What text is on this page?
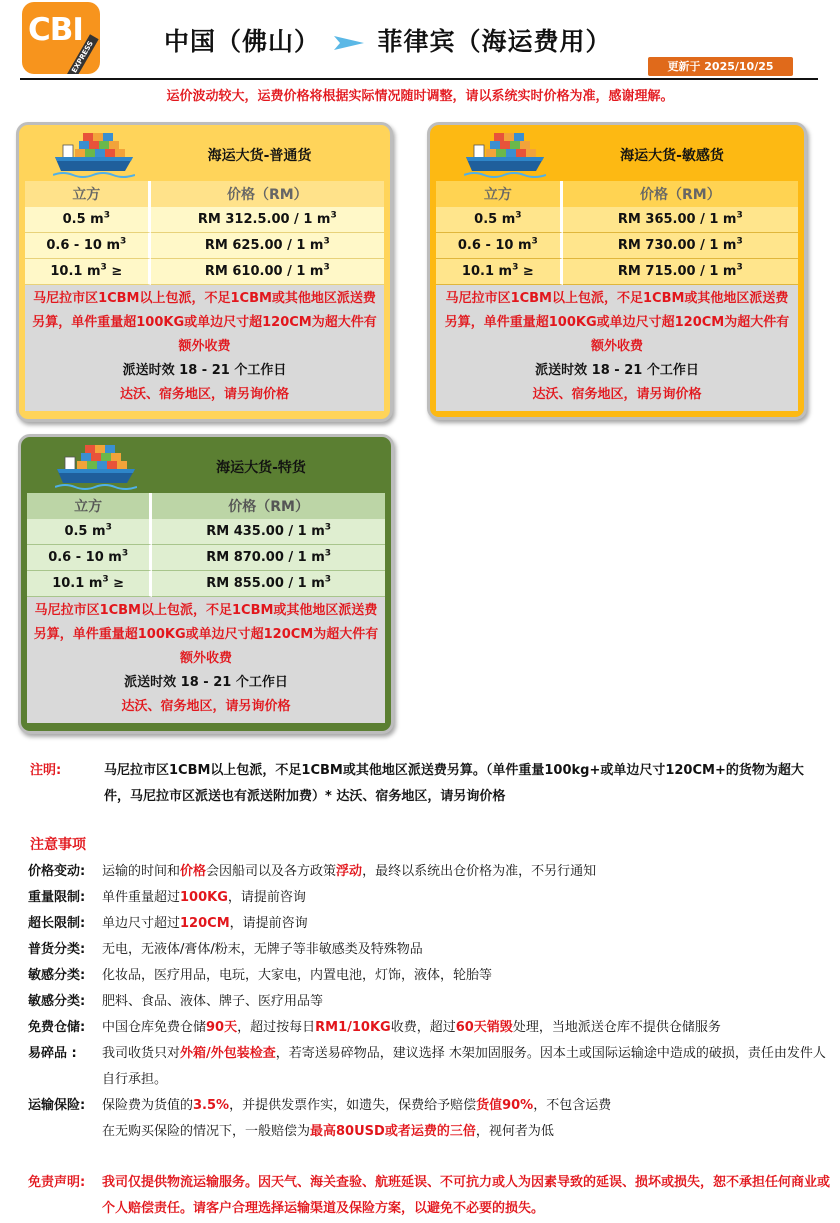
CBI
EXPRESS	中国（佛山） 菲律宾（海运费用）
更新于 2025/10/25
运价波动较大，运费价格将根据实际情况随时调整，请以系统实时价格为准，感谢理解。
海运大货-普通货
立方	价格（RM）
0.5 $m^3$	RM 312.5.00 / 1 $m^3$
0.6 - 10 $m^3$	RM 625.00 / 1 $m^3$
10.1 $m^3$ ≥	RM 610.00 / 1 $m^3$
马尼拉市区1CBM以上包派，不足1CBM或其他地区派送费另算，单件重量超100KG或单边尺寸超120CM为超大件有额外收费
派送时效 18 - 21 个工作日
达沃、宿务地区，请另询价格
海运大货-敏感货
立方	价格（RM）
0.5 $m^3$	RM 365.00 / 1 $m^3$
0.6 - 10 $m^3$	RM 730.00 / 1 $m^3$
10.1 $m^3$ ≥	RM 715.00 / 1 $m^3$
马尼拉市区1CBM以上包派，不足1CBM或其他地区派送费另算，单件重量超100KG或单边尺寸超120CM为超大件有额外收费
派送时效 18 - 21 个工作日
达沃、宿务地区，请另询价格
海运大货-特货
立方	价格（RM）
0.5 $m^3$	RM 435.00 / 1 $m^3$
0.6 - 10 $m^3$	RM 870.00 / 1 $m^3$
10.1 $m^3$ ≥	RM 855.00 / 1 $m^3$
马尼拉市区1CBM以上包派，不足1CBM或其他地区派送费另算，单件重量超100KG或单边尺寸超120CM为超大件有额外收费
派送时效 18 - 21 个工作日
达沃、宿务地区，请另询价格
注明:	马尼拉市区1CBM以上包派，不足1CBM或其他地区派送费另算。（单件重量100kg+或单边尺寸120CM+的货物为超大件，马尼拉市区派送也有派送附加费）* 达沃、宿务地区，请另询价格
注意事项
价格变动: 运输的时间和价格会因船司以及各方政策浮动，最终以系统出仓价格为准，不另行通知
重量限制: 单件重量超过100KG，请提前咨询
超长限制: 单边尺寸超过120CM，请提前咨询
普货分类: 无电，无液体/膏体/粉末，无牌子等非敏感类及特殊物品
敏感分类: 化妆品，医疗用品，电玩，大家电，内置电池，灯饰，液体，轮胎等
敏感分类: 肥料、食品、液体、牌子、医疗用品等
免费仓储: 中国仓库免费仓储90天，超过按每日RM1/10KG收费，超过60天销毁处理，当地派送仓库不提供仓储服务
易碎品 : 我司收货只对外箱/外包装检查，若寄送易碎物品，建议选择 木架加固服务。因本土或国际运输途中造成的破损，责任由发件人自行承担。
运输保险: 保险费为货值的3.5%，并提供发票作实，如遗失，保费给予赔偿货值90%，不包含运费
在无购买保险的情况下，一般赔偿为最高80USD或者运费的三倍，视何者为低
免责声明: 我司仅提供物流运输服务。因天气、海关查验、航班延误、不可抗力或人为因素导致的延误、损坏或损失，恕不承担任何商业或个人赔偿责任。请客户合理选择运输渠道及保险方案，以避免不必要的损失。
